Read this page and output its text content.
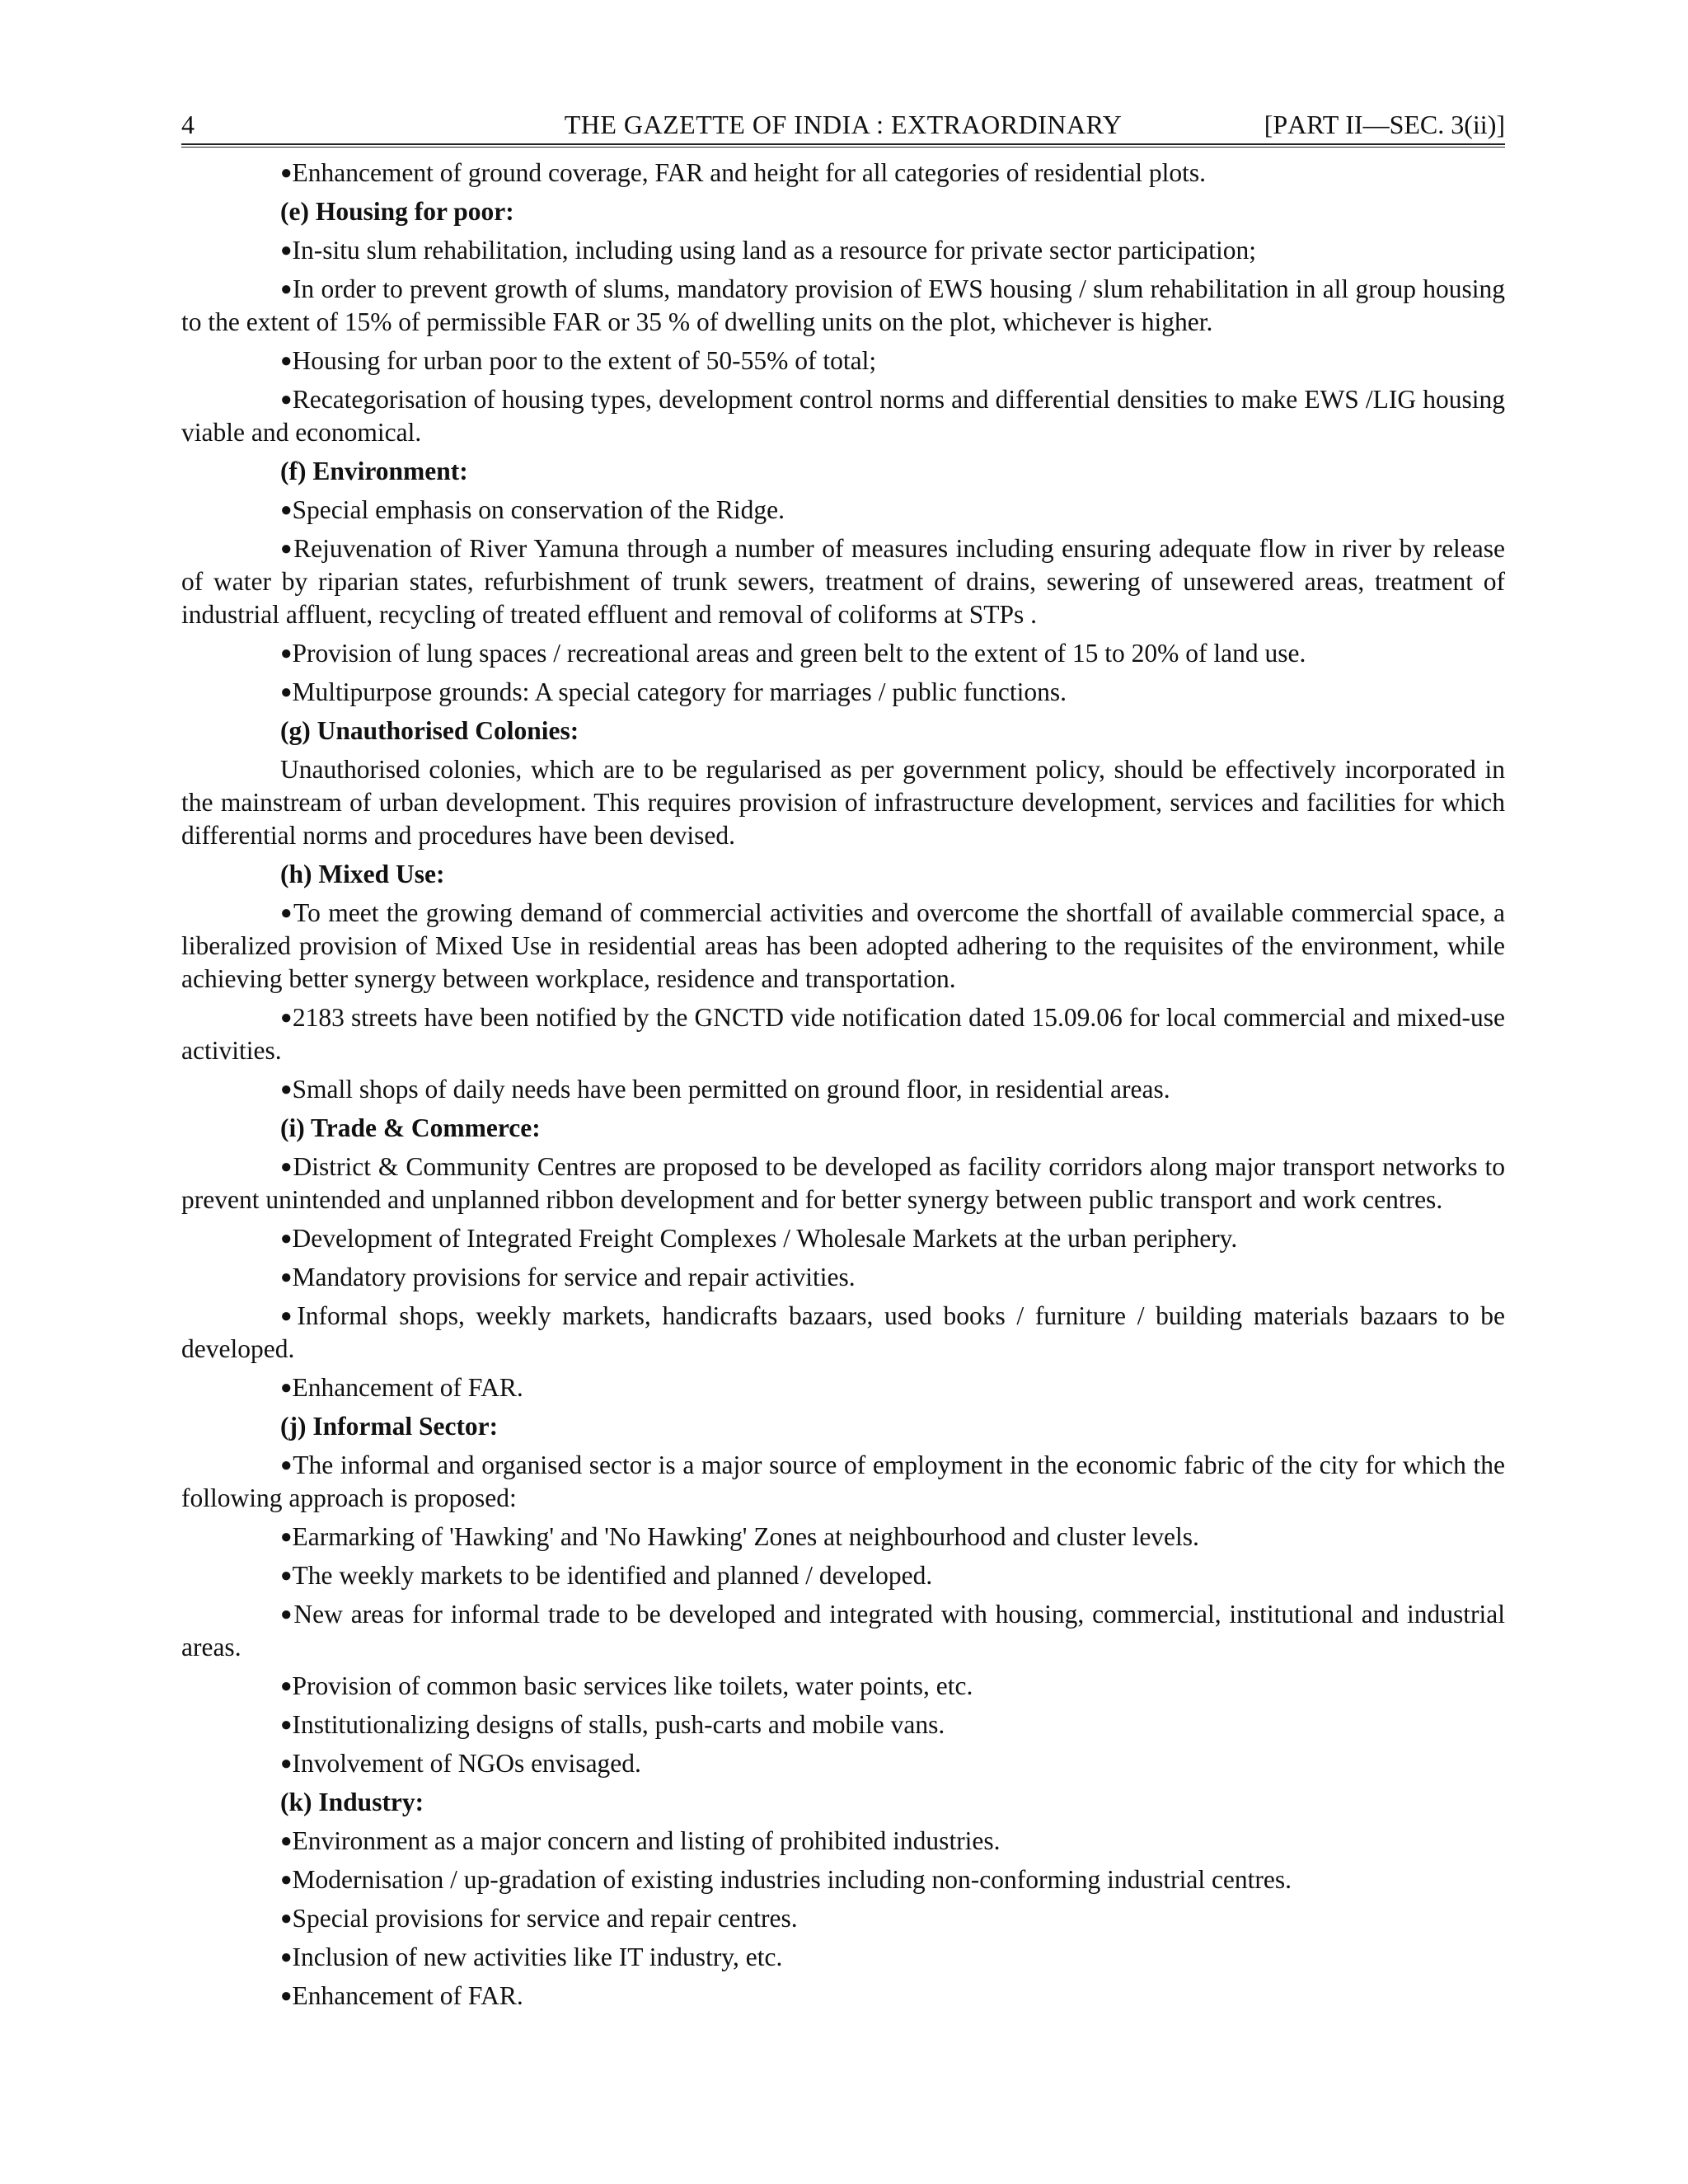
4	THE GAZETTE OF INDIA : EXTRAORDINARY	[PART II—SEC. 3(ii)]

● Enhancement of ground coverage, FAR and height for all categories of residential plots.

(e) Housing for poor:

● In-situ slum rehabilitation, including using land as a resource for private sector participation;

● In order to prevent growth of slums, mandatory provision of EWS housing / slum rehabilitation in all group housing to the extent of 15% of permissible FAR or 35 % of dwelling units on the plot, whichever is higher.

● Housing for urban poor to the extent of 50-55% of total;

● Recategorisation of housing types, development control norms and differential densities to make EWS /LIG housing viable and economical.

(f) Environment:

● Special emphasis on conservation of the Ridge.

● Rejuvenation of River Yamuna through a number of measures including ensuring adequate flow in river by release of water by riparian states, refurbishment of trunk sewers, treatment of drains, sewering of unsewered areas, treatment of industrial affluent, recycling of treated effluent and removal of coliforms at STPs .

● Provision of lung spaces / recreational areas and green belt to the extent of 15 to 20% of land use.

● Multipurpose grounds: A special category for marriages / public functions.

(g) Unauthorised Colonies:

Unauthorised colonies, which are to be regularised as per government policy, should be effectively incorporated in the mainstream of urban development. This requires provision of infrastructure development, services and facilities for which differential norms and procedures have been devised.

(h) Mixed Use:

● To meet the growing demand of commercial activities and overcome the shortfall of available commercial space, a liberalized provision of Mixed Use in residential areas has been adopted adhering to the requisites of the environment, while achieving better synergy between workplace, residence and transportation.

● 2183 streets have been notified by the GNCTD vide notification dated 15.09.06 for local commercial and mixed-use activities.

● Small shops of daily needs have been permitted on ground floor, in residential areas.

(i) Trade & Commerce:

● District & Community Centres are proposed to be developed as facility corridors along major transport networks to prevent unintended and unplanned ribbon development and for better synergy between public transport and work centres.

● Development of Integrated Freight Complexes / Wholesale Markets at the urban periphery.

● Mandatory provisions for service and repair activities.

● Informal shops, weekly markets, handicrafts bazaars, used books / furniture / building materials bazaars to be developed.

● Enhancement of FAR.

(j) Informal Sector:

● The informal and organised sector is a major source of employment in the economic fabric of the city for which the following approach is proposed:

● Earmarking of 'Hawking' and 'No Hawking' Zones at neighbourhood and cluster levels.

● The weekly markets to be identified and planned / developed.

● New areas for informal trade to be developed and integrated with housing, commercial, institutional and industrial areas.

● Provision of common basic services like toilets, water points, etc.

● Institutionalizing designs of stalls, push-carts and mobile vans.

● Involvement of NGOs envisaged.

(k) Industry:

● Environment as a major concern and listing of prohibited industries.

● Modernisation / up-gradation of existing industries including non-conforming industrial centres.

● Special provisions for service and repair centres.

● Inclusion of new activities like IT industry, etc.

● Enhancement of FAR.
